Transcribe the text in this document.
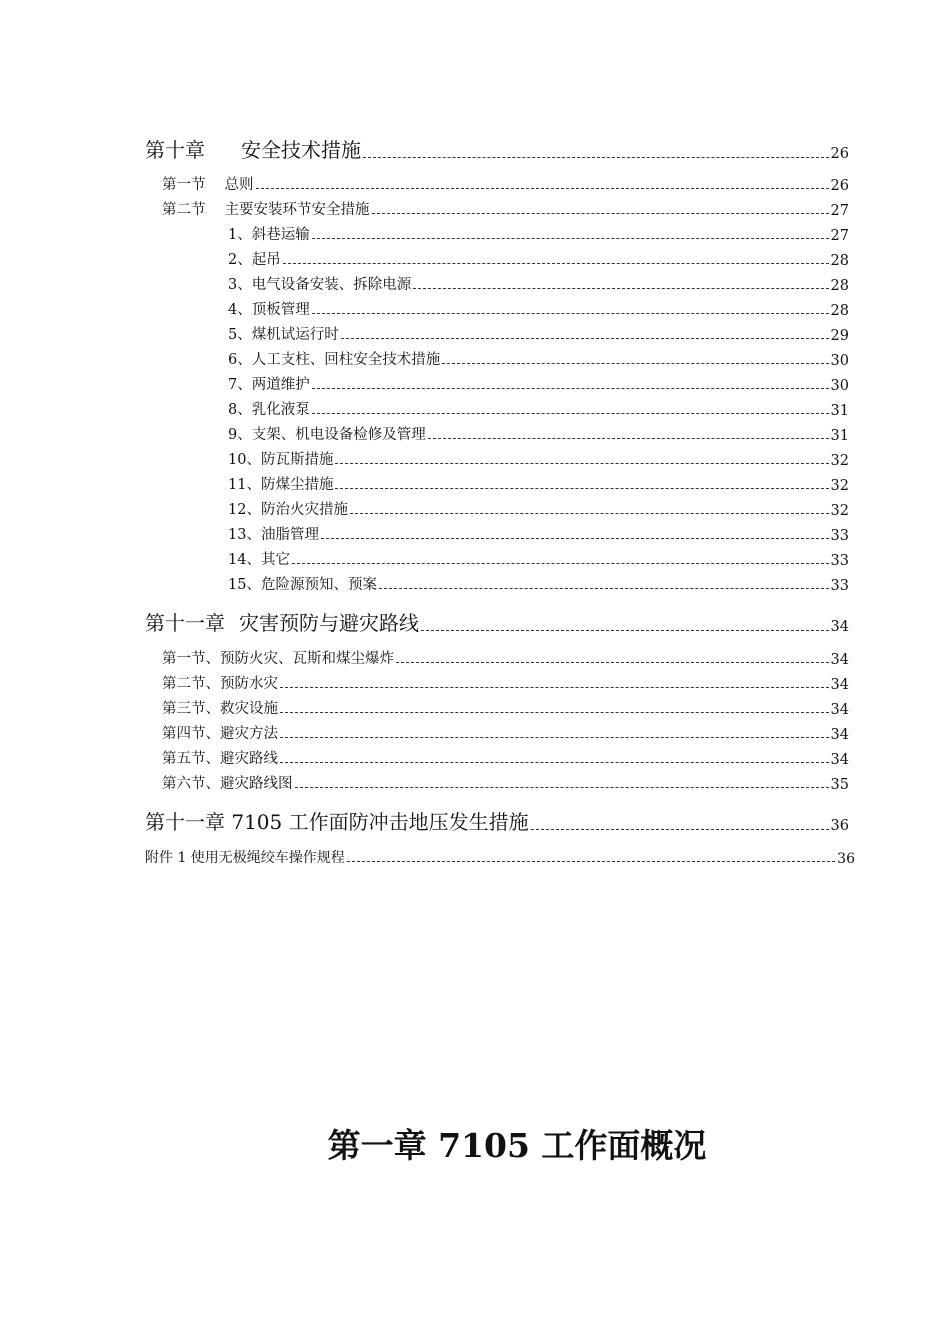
第十章 安全技术措施	26
第一节 总则	26
第二节 主要安装环节安全措施	27
1、斜巷运输	27
2、起吊	28
3、电气设备安装、拆除电源	28
4、顶板管理	28
5、煤机试运行时	29
6、人工支柱、回柱安全技术措施	30
7、两道维护	30
8、乳化液泵	31
9、支架、机电设备检修及管理	31
10、防瓦斯措施	32
11、防煤尘措施	32
12、防治火灾措施	32
13、油脂管理	33
14、其它	33
15、危险源预知、预案	33
第十一章 灾害预防与避灾路线	34
第一节、预防火灾、瓦斯和煤尘爆炸	34
第二节、预防水灾	34
第三节、救灾设施	34
第四节、避灾方法	34
第五节、避灾路线	34
第六节、避灾路线图	35
第十一章 7105 工作面防冲击地压发生措施	36
附件 1 使用无极绳绞车操作规程	36
第一章 7105 工作面概况
